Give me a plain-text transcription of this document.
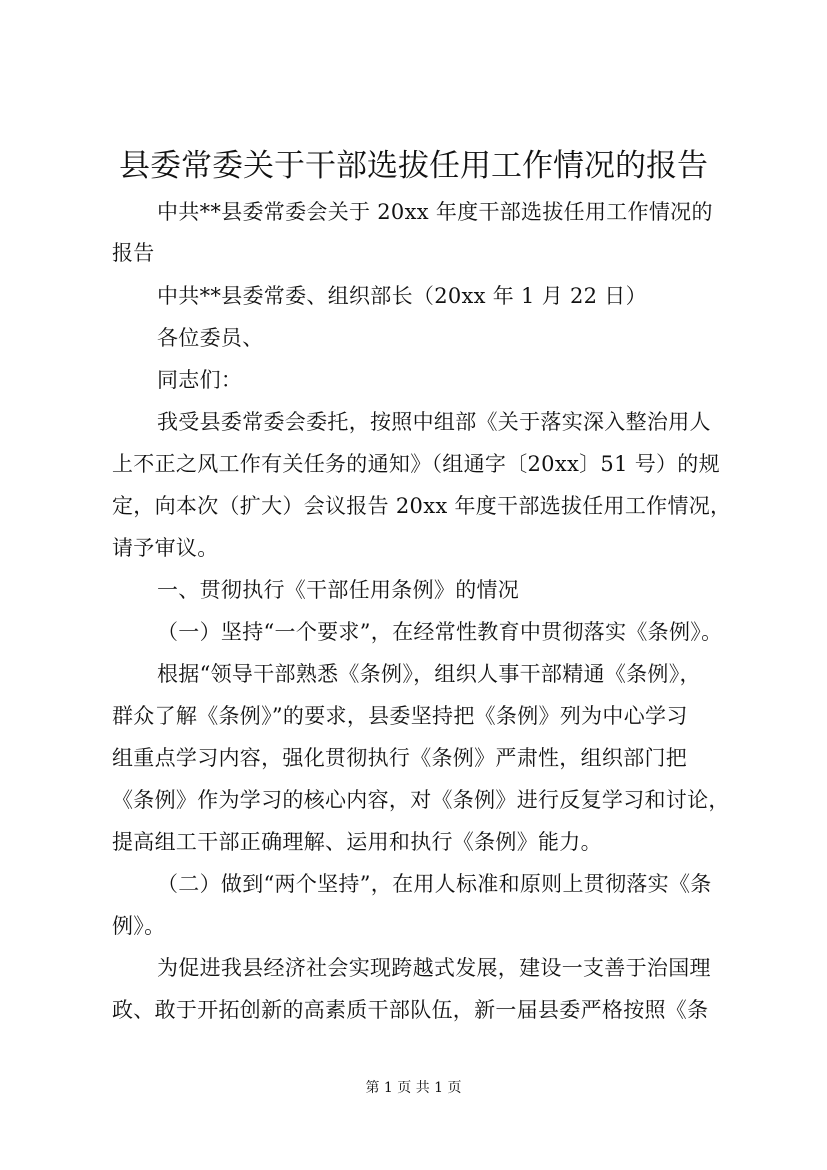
县委常委关于干部选拔任用工作情况的报告
中共**县委常委会关于 20xx 年度干部选拔任用工作情况的
报告
中共**县委常委、组织部长（20xx 年 1 月 22 日）
各位委员、
同志们：
我受县委常委会委托，按照中组部《关于落实深入整治用人
上不正之风工作有关任务的通知》（组通字〔20xx〕51 号）的规
定，向本次（扩大）会议报告 20xx 年度干部选拔任用工作情况，
请予审议。
一、贯彻执行《干部任用条例》的情况
（一）坚持“一个要求”，在经常性教育中贯彻落实《条例》。
根据“领导干部熟悉《条例》，组织人事干部精通《条例》，
群众了解《条例》”的要求，县委坚持把《条例》列为中心学习
组重点学习内容，强化贯彻执行《条例》严肃性，组织部门把
《条例》作为学习的核心内容，对《条例》进行反复学习和讨论，
提高组工干部正确理解、运用和执行《条例》能力。
（二）做到“两个坚持”，在用人标准和原则上贯彻落实《条
例》。
为促进我县经济社会实现跨越式发展，建设一支善于治国理
政、敢于开拓创新的高素质干部队伍，新一届县委严格按照《条
第 1 页 共 1 页
